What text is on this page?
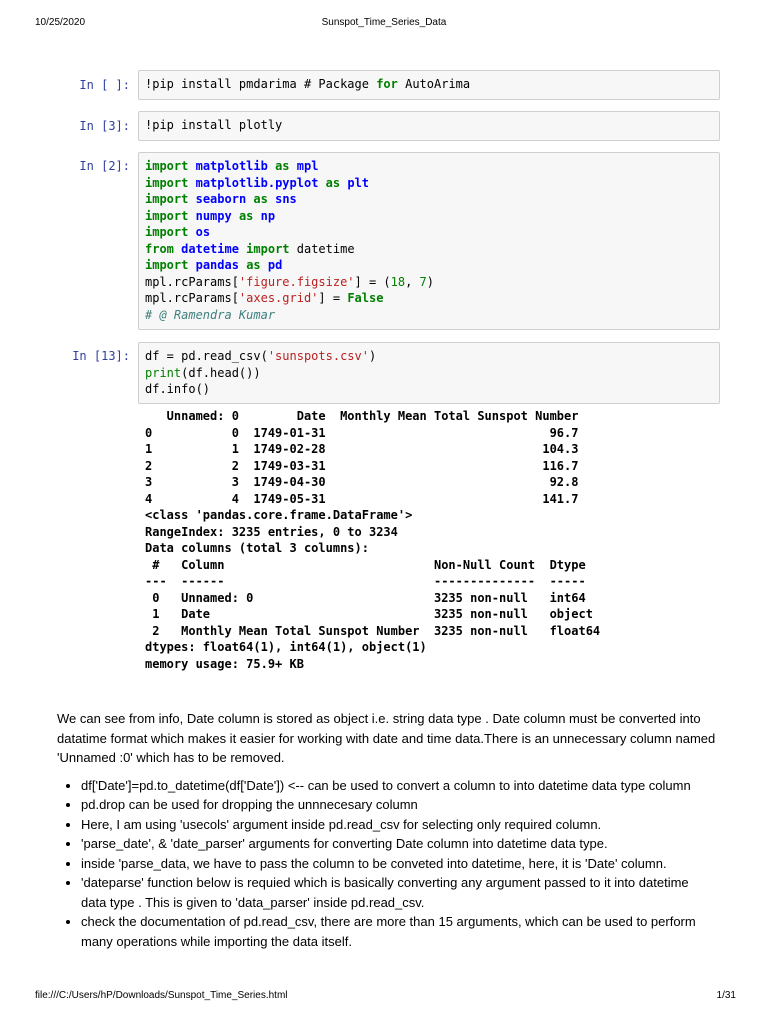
10/25/2020	Sunspot_Time_Series_Data
In [ ]:	!pip install pmdarima # Package for AutoArima
In [3]:	!pip install plotly
In [2]:	import matplotlib as mpl
import matplotlib.pyplot as plt
import seaborn as sns
import numpy as np
import os
from datetime import datetime
import pandas as pd
mpl.rcParams['figure.figsize'] = (18, 7)
mpl.rcParams['axes.grid'] = False
# @ Ramendra Kumar
In [13]:	df = pd.read_csv('sunspots.csv')
print(df.head())
df.info()
Unnamed: 0        Date  Monthly Mean Total Sunspot Number
0           0  1749-01-31                               96.7
1           1  1749-02-28                              104.3
2           2  1749-03-31                              116.7
3           3  1749-04-30                               92.8
4           4  1749-05-31                              141.7
<class 'pandas.core.frame.DataFrame'>
RangeIndex: 3235 entries, 0 to 3234
Data columns (total 3 columns):
#   Column                             Non-Null Count  Dtype
---  ------                             --------------  -----
0   Unnamed: 0                         3235 non-null   int64
1   Date                               3235 non-null   object
2   Monthly Mean Total Sunspot Number  3235 non-null   float64
dtypes: float64(1), int64(1), object(1)
memory usage: 75.9+ KB

We can see from info, Date column is stored as object i.e. string data type . Date column must be converted into datatime format which makes it easier for working with date and time data.There is an unnecessary column named 'Unnamed :0' which has to be removed.

• df['Date']=pd.to_datetime(df['Date']) <-- can be used to convert a column to into datetime data type column
• pd.drop can be used for dropping the unnnecesary column
• Here, I am using 'usecols' argument inside pd.read_csv for selecting only required column.
• 'parse_date', & 'date_parser' arguments for converting Date column into datetime data type.
• inside 'parse_data, we have to pass the column to be conveted into datetime, here, it is 'Date' column.
• 'dateparse' function below is requied which is basically converting any argument passed to it into datetime data type . This is given to 'data_parser' inside pd.read_csv.
• check the documentation of pd.read_csv, there are more than 15 arguments, which can be used to perform many operations while importing the data itself.
file:///C:/Users/hP/Downloads/Sunspot_Time_Series.html	1/31
